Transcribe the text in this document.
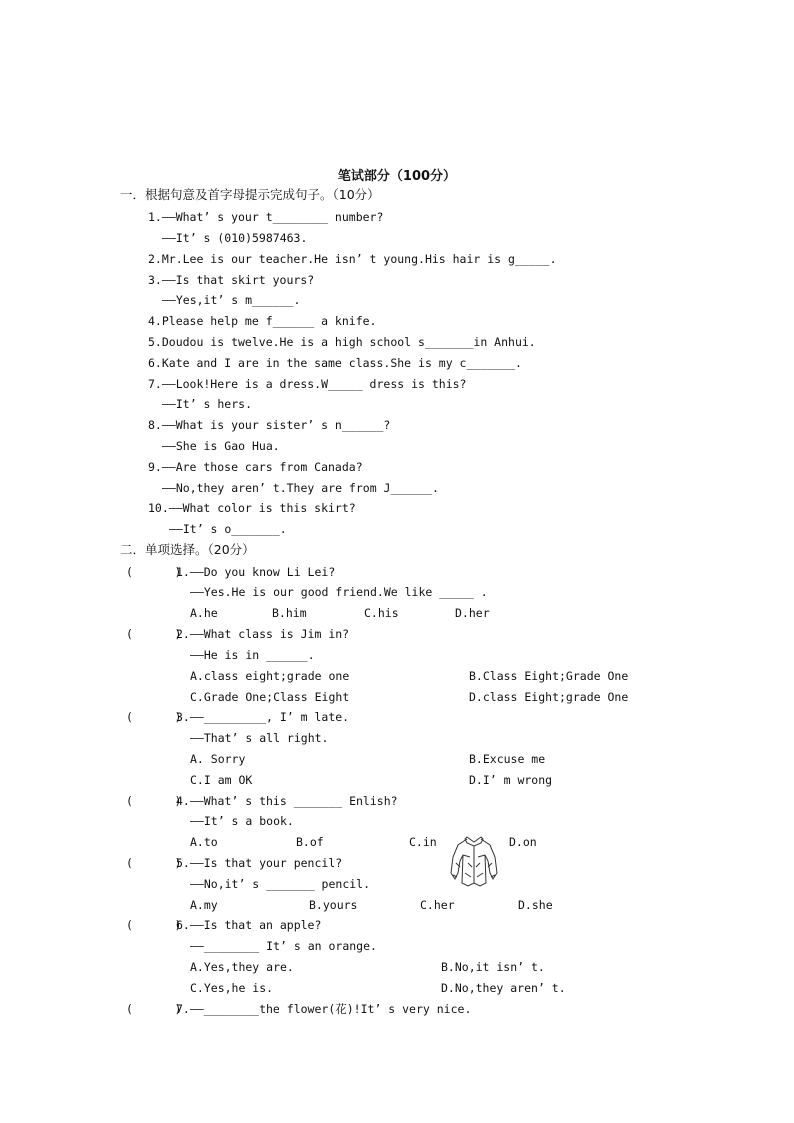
笔试部分（100分）
一．根据句意及首字母提示完成句子。（10分）
1.——What’ s your t________ number?
——It’ s (010)5987463.
2.Mr.Lee is our teacher.He isn’ t young.His hair is g_____.
3.——Is that skirt yours?
——Yes,it’ s m______.
4.Please help me f______ a knife.
5.Doudou is twelve.He is a high school s_______in Anhui.
6.Kate and I are in the same class.She is my c_______.
7.——Look!Here is a dress.W_____ dress is this?
——It’ s hers.
8.——What is your sister’ s n______?
——She is Gao Hua.
9.——Are those cars from Canada?
——No,they aren’ t.They are from J______.
10.——What color is this skirt?
——It’ s o_______.
二．单项选择。（20分）
(      )
1.——Do you know Li Lei?
——Yes.He is our good friend.We like _____ .
A.he	B.him	C.his	D.her
(      )
2.——What class is Jim in?
——He is in ______.
A.class eight;grade one	B.Class Eight;Grade One
C.Grade One;Class Eight	D.class Eight;grade One
(      )
3.——_________, I’ m late.
——That’ s all right.
A. Sorry	B.Excuse me
C.I am OK	D.I’ m wrong
(      )
4.——What’ s this _______ Enlish?
——It’ s a book.
A.to	B.of	C.in	D.on
(      )
5.——Is that your pencil?
——No,it’ s _______ pencil.
A.my	B.yours	C.her	D.she
(      )
6.——Is that an apple?
——________ It’ s an orange.
A.Yes,they are.	B.No,it isn’ t.
C.Yes,he is.	D.No,they aren’ t.
(      )
7.——________the flower(花)!It’ s very nice.
